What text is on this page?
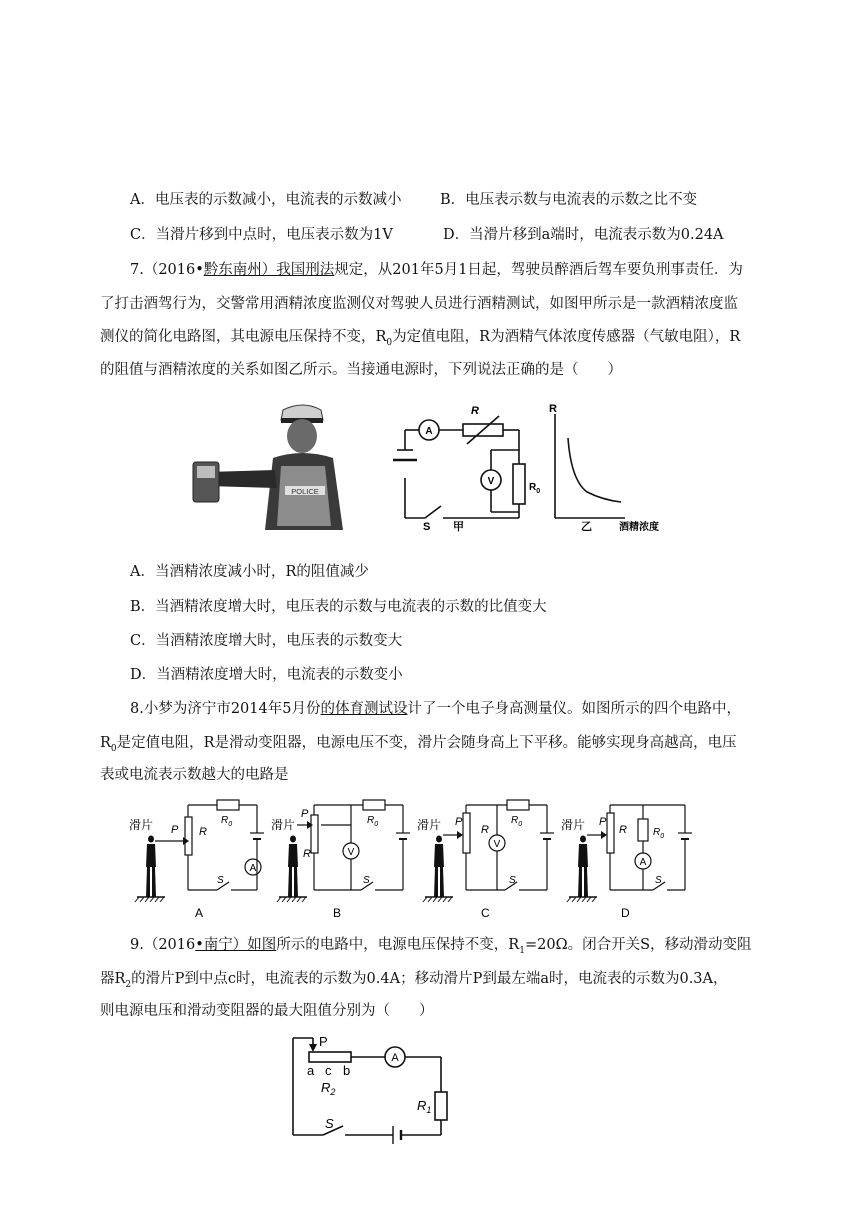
A．电压表的示数减小，电流表的示数减小	B．电压表示数与电流表的示数之比不变
C．当滑片移到中点时，电压表示数为1V	D．当滑片移到a端时，电流表示数为0.24A
7.（2016•黔东南州）我国刑法规定，从201年5月1日起，驾驶员醉酒后驾车要负刑事责任．为
了打击酒驾行为，交警常用酒精浓度监测仪对驾驶人员进行酒精测试，如图甲所示是一款酒精浓度监
测仪的简化电路图，其电源电压保持不变，$R_0$为定值电阻，R为酒精气体浓度传感器（气敏电阻），R
的阻值与酒精浓度的关系如图乙所示。当接通电源时，下列说法正确的是（　　）
POLICE
A
R
$R_0$
V
S 甲
R
乙	酒精浓度
A．当酒精浓度减小时，R的阻值减少
B．当酒精浓度增大时，电压表的示数与电流表的示数的比值变大
C．当酒精浓度增大时，电压表的示数变大
D．当酒精浓度增大时，电流表的示数变小
8.小梦为济宁市2014年5月份的体育测试设计了一个电子身高测量仪。如图所示的四个电路中，
$R_0$是定值电阻，R是滑动变阻器，电源电压不变，滑片会随身高上下平移。能够实现身高越高，电压
表或电流表示数越大的电路是
滑片 P R
$R_0$
A
S
A
滑片
P
R
$R_0$
V
S
B
滑片 P
R
$R_0$
V
S
C
滑片 P
R	$R_0$
A
S
D
9.（2016•南宁）如图所示的电路中，电源电压保持不变，$R_1=20\Omega$。闭合开关S，移动滑动变阻
器$R_2$的滑片P到中点c时，电流表的示数为0.4A；移动滑片P到最左端a时，电流表的示数为0.3A，
则电源电压和滑动变阻器的最大阻值分别为（　　）
P
a c b
$R_2$
A
$R_1$
S
